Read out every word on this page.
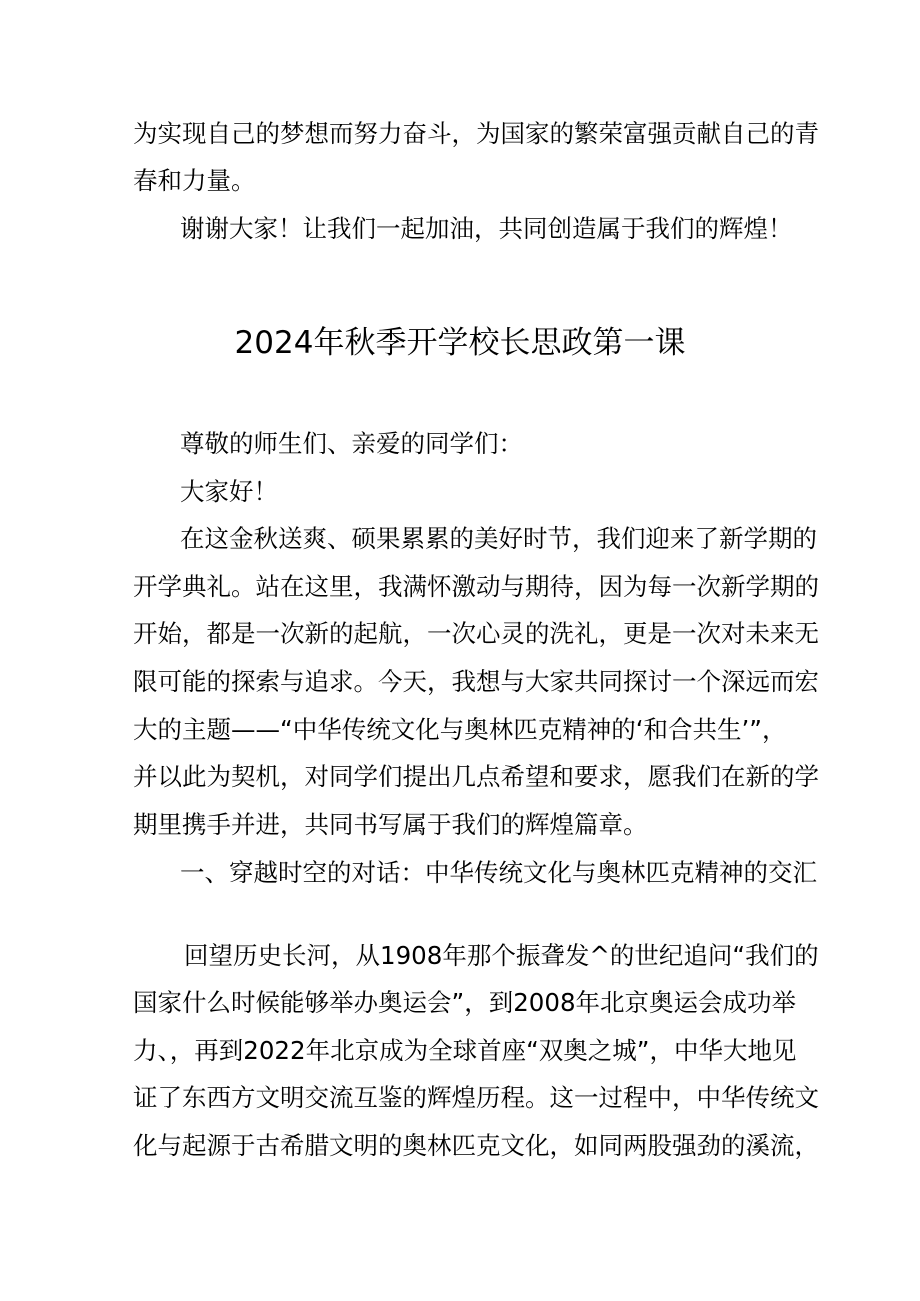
为实现自己的梦想而努力奋斗，为国家的繁荣富强贡献自己的青
春和力量。
谢谢大家！让我们一起加油，共同创造属于我们的辉煌！
2024年秋季开学校长思政第一课
尊敬的师生们、亲爱的同学们：
大家好！
在这金秋送爽、硕果累累的美好时节，我们迎来了新学期的
开学典礼。站在这里，我满怀激动与期待，因为每一次新学期的
开始，都是一次新的起航，一次心灵的洗礼，更是一次对未来无
限可能的探索与追求。今天，我想与大家共同探讨一个深远而宏
大的主题——“中华传统文化与奥林匹克精神的‘和合共生’”，
并以此为契机，对同学们提出几点希望和要求，愿我们在新的学
期里携手并进，共同书写属于我们的辉煌篇章。
一、穿越时空的对话：中华传统文化与奥林匹克精神的交汇
回望历史长河，从1908年那个振聋发^的世纪追问“我们的
国家什么时候能够举办奥运会”，到2008年北京奥运会成功举
力、，再到2022年北京成为全球首座“双奥之城”，中华大地见
证了东西方文明交流互鉴的辉煌历程。这一过程中，中华传统文
化与起源于古希腊文明的奥林匹克文化，如同两股强劲的溪流，
